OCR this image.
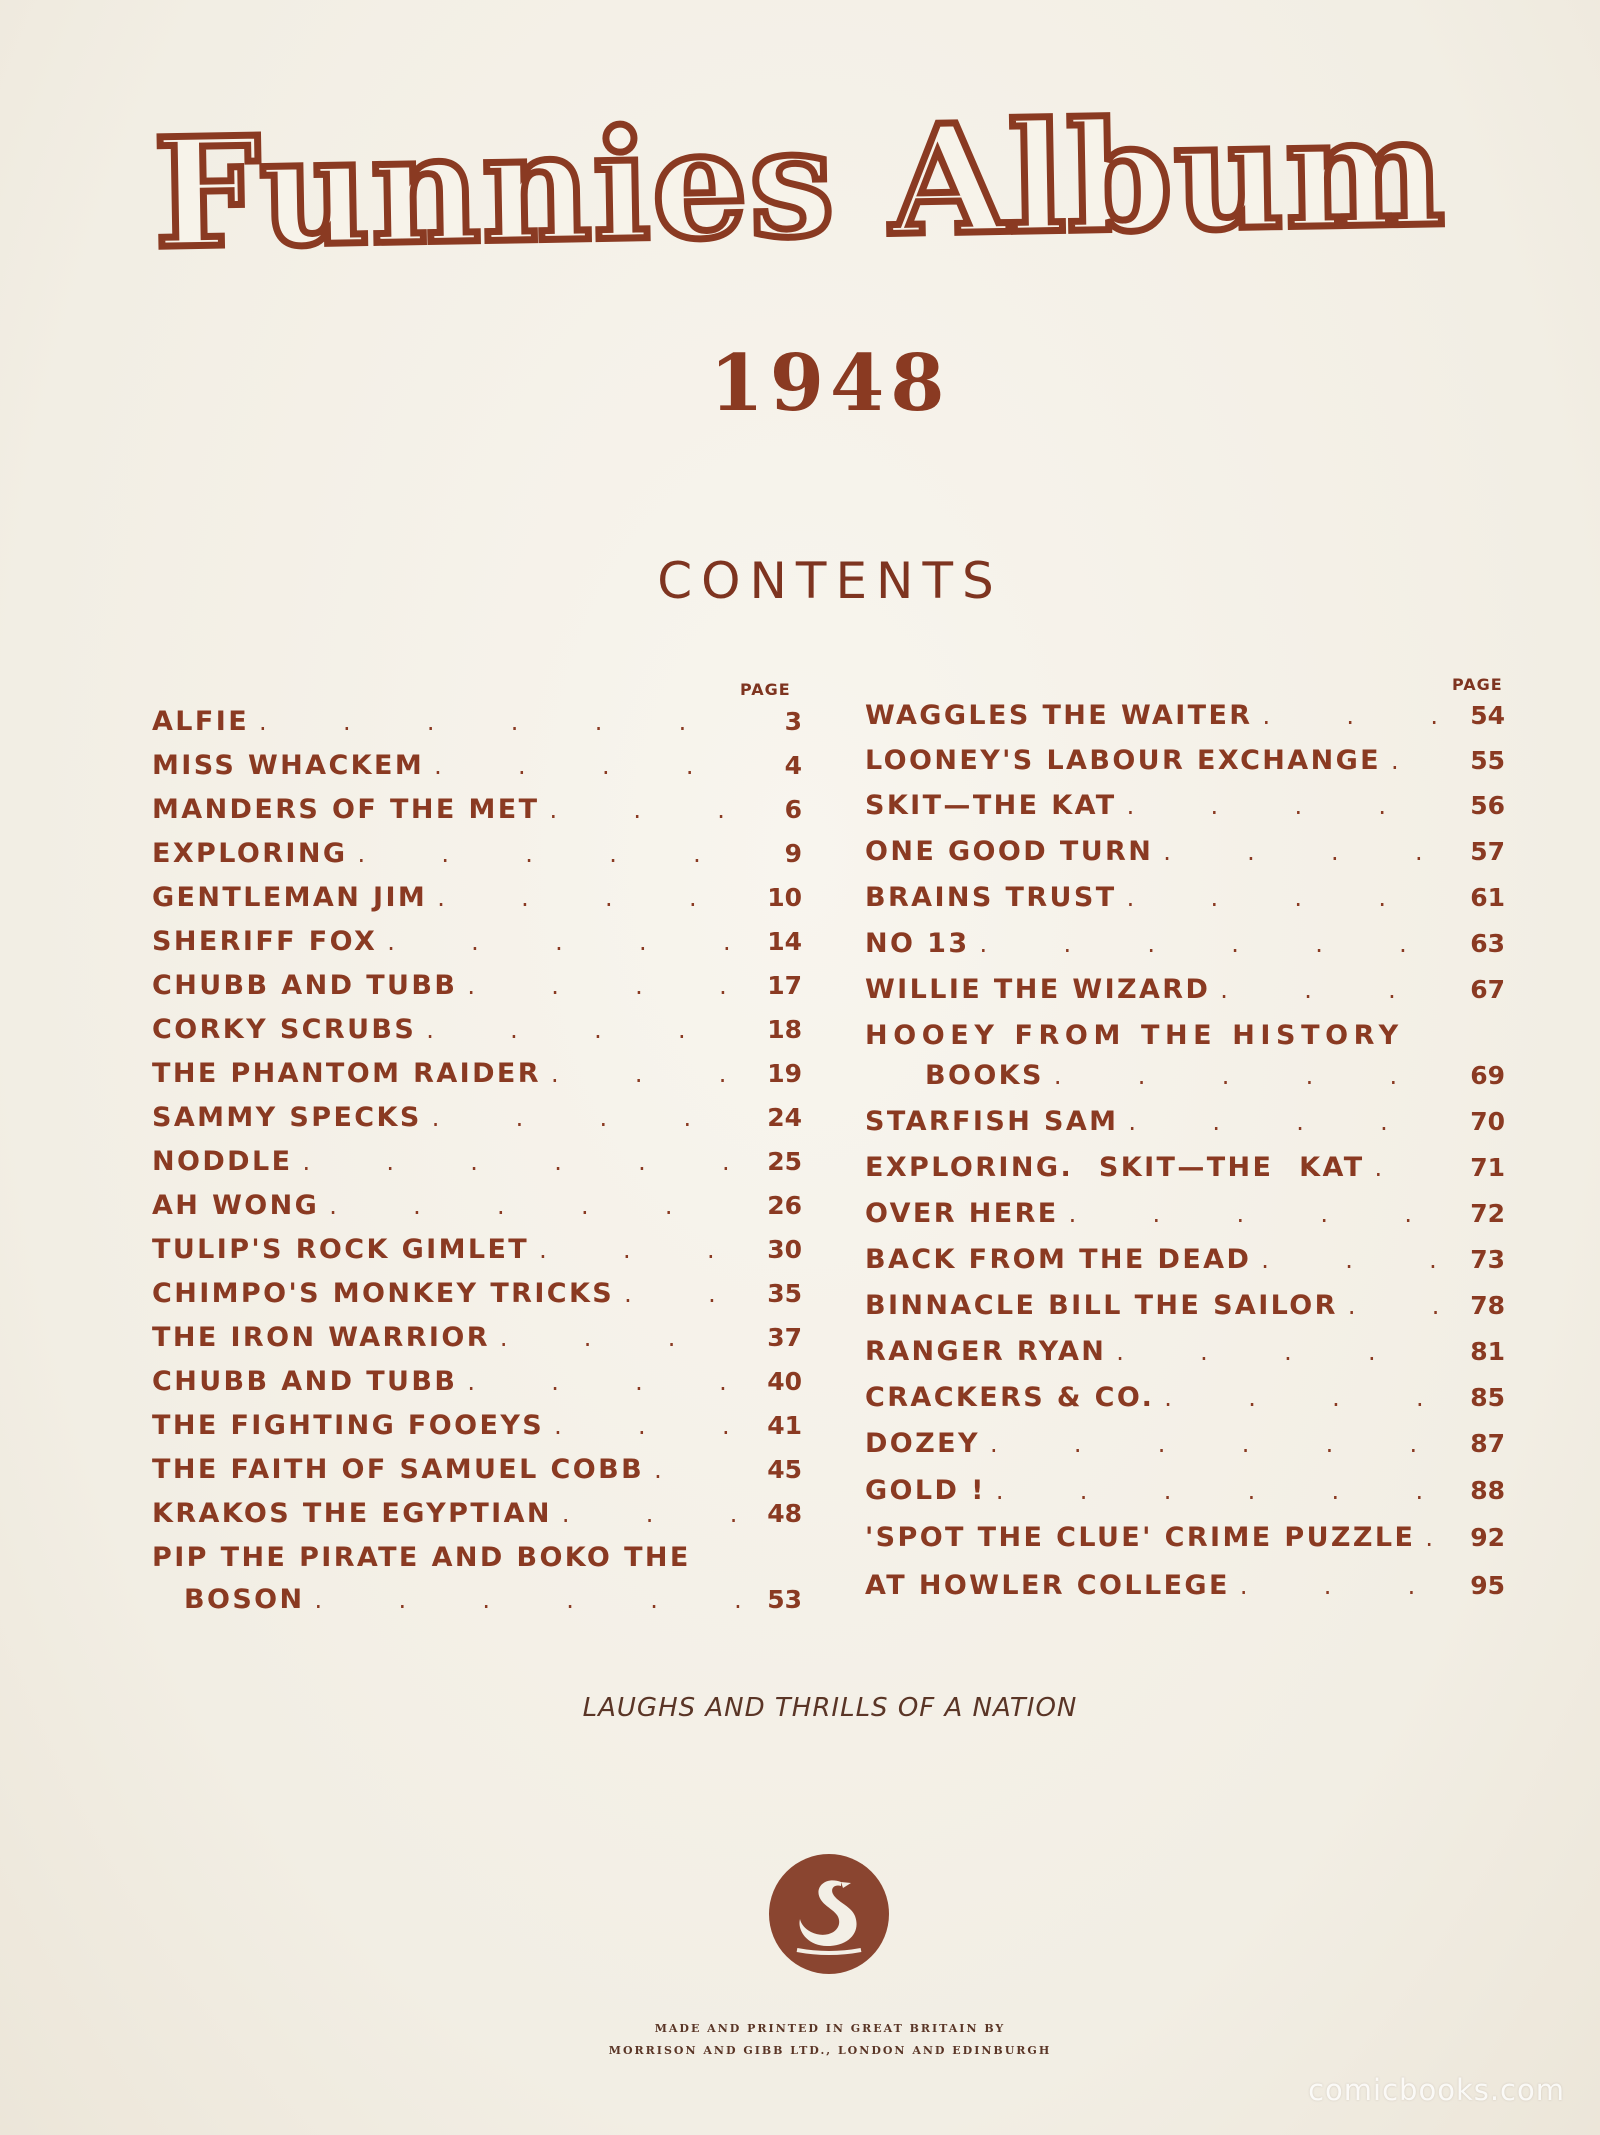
Funnies Album
1948
CONTENTS
PAGE
ALFIE .	3
MISS WHACKEM .	4
MANDERS OF THE MET .	6
EXPLORING .	9
GENTLEMAN JIM .	10
SHERIFF FOX .	14
CHUBB AND TUBB .	17
CORKY SCRUBS .	18
THE PHANTOM RAIDER .	19
SAMMY SPECKS .	24
NODDLE .	25
AH WONG .	26
TULIP'S ROCK GIMLET .	30
CHIMPO'S MONKEY TRICKS .	35
THE IRON WARRIOR .	37
CHUBB AND TUBB .	40
THE FIGHTING FOOEYS .	41
THE FAITH OF SAMUEL COBB .	45
KRAKOS THE EGYPTIAN .	48
PIP THE PIRATE AND BOKO THE
BOSON .	53
PAGE
WAGGLES THE WAITER .	54
LOONEY'S LABOUR EXCHANGE .	55
SKIT—THE KAT .	56
ONE GOOD TURN .	57
BRAINS TRUST .	61
NO 13 .	63
WILLIE THE WIZARD .	67
HOOEY FROM THE HISTORY
BOOKS .	69
STARFISH SAM .	70
EXPLORING. SKIT—THE KAT .	71
OVER HERE .	72
BACK FROM THE DEAD .	73
BINNACLE BILL THE SAILOR .	78
RANGER RYAN .	81
CRACKERS & CO. .	85
DOZEY .	87
GOLD ! .	88
'SPOT THE CLUE' CRIME PUZZLE .	92
AT HOWLER COLLEGE .	95
LAUGHS AND THRILLS OF A NATION
MADE AND PRINTED IN GREAT BRITAIN BY
MORRISON AND GIBB LTD., LONDON AND EDINBURGH
comicbooks.com
